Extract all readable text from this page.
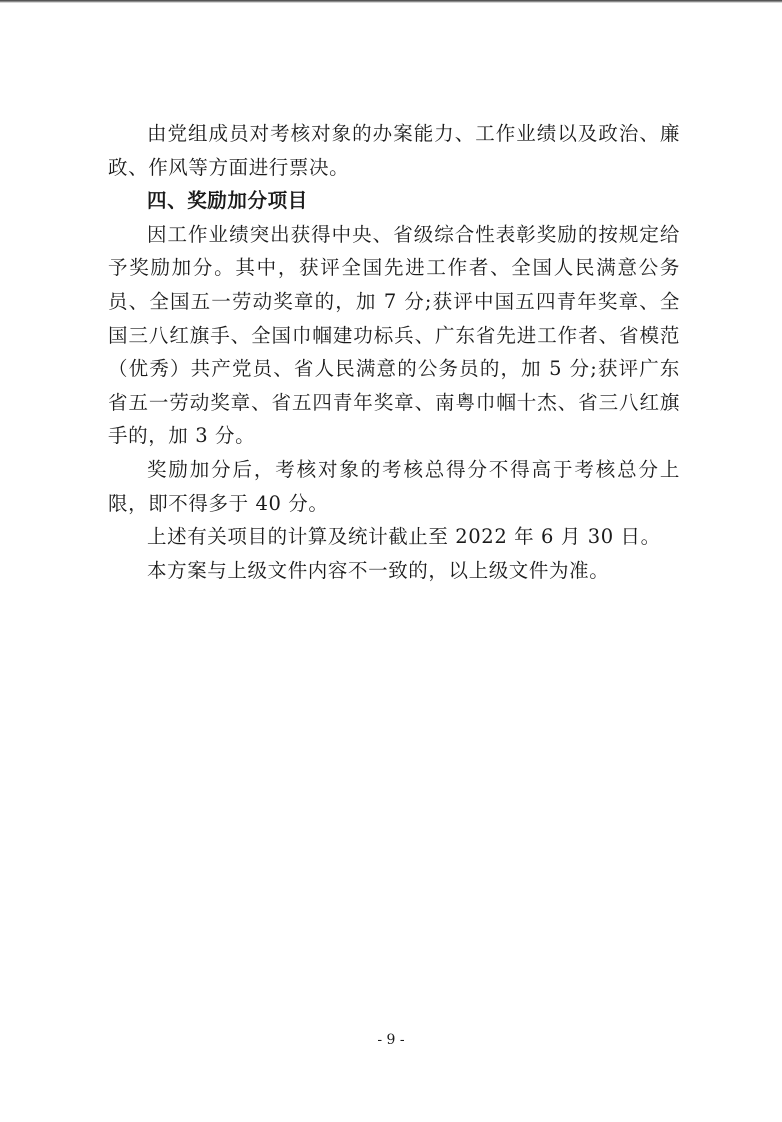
由党组成员对考核对象的办案能力、工作业绩以及政治、廉政、作风等方面进行票决。

四、奖励加分项目

因工作业绩突出获得中央、省级综合性表彰奖励的按规定给予奖励加分。其中，获评全国先进工作者、全国人民满意公务员、全国五一劳动奖章的，加 7 分;获评中国五四青年奖章、全国三八红旗手、全国巾帼建功标兵、广东省先进工作者、省模范（优秀）共产党员、省人民满意的公务员的，加 5 分;获评广东省五一劳动奖章、省五四青年奖章、南粤巾帼十杰、省三八红旗手的，加 3 分。

奖励加分后，考核对象的考核总得分不得高于考核总分上限，即不得多于 40 分。

上述有关项目的计算及统计截止至 2022 年 6 月 30 日。

本方案与上级文件内容不一致的，以上级文件为准。

- 9 -
